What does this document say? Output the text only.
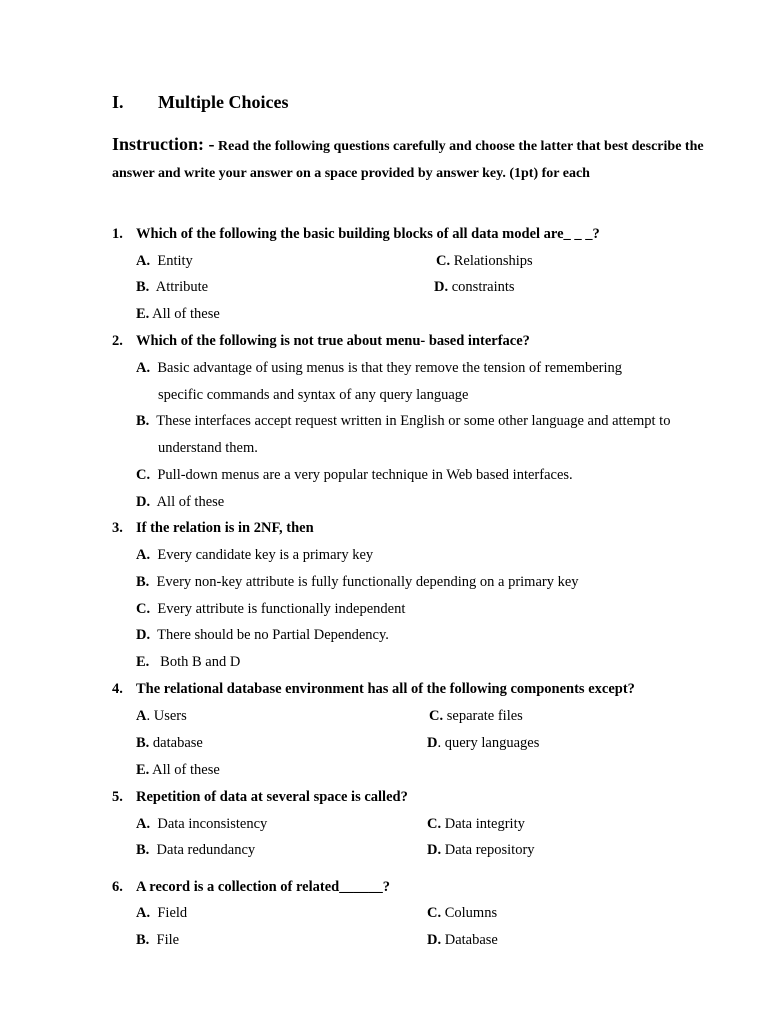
I. Multiple Choices
Instruction: - Read the following questions carefully and choose the latter that best describe the
answer and write your answer on a space provided by answer key. (1pt) for each
1. Which of the following the basic building blocks of all data model are_ _ _?
A. Entity	C. Relationships
B. Attribute	D. constraints
E. All of these
2. Which of the following is not true about menu- based interface?
A. Basic advantage of using menus is that they remove the tension of remembering
specific commands and syntax of any query language
B. These interfaces accept request written in English or some other language and attempt to
understand them.
C. Pull-down menus are a very popular technique in Web based interfaces.
D. All of these
3. If the relation is in 2NF, then
A. Every candidate key is a primary key
B. Every non-key attribute is fully functionally depending on a primary key
C. Every attribute is functionally independent
D. There should be no Partial Dependency.
E. Both B and D
4. The relational database environment has all of the following components except?
A. Users	C. separate files
B. database	D. query languages
E. All of these
5. Repetition of data at several space is called?
A. Data inconsistency	C. Data integrity
B. Data redundancy	D. Data repository
6. A record is a collection of related______?
A. Field	C. Columns
B. File	D. Database
